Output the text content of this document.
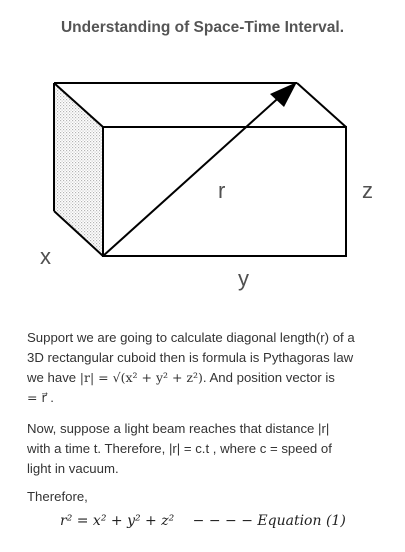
Understanding of Space-Time Interval.
r	z
x
y
Support we are going to calculate diagonal length(r) of a
3D rectangular cuboid then is formula is Pythagoras law
we have |r| = √(x² + y² + z²). And position vector is
= r⃗ .
Now, suppose a light beam reaches that distance |r|
with a time t. Therefore, |r| = c.t , where c = speed of
light in vacuum.
Therefore,
r² = x² + y² + z² − − − − Equation (1)
